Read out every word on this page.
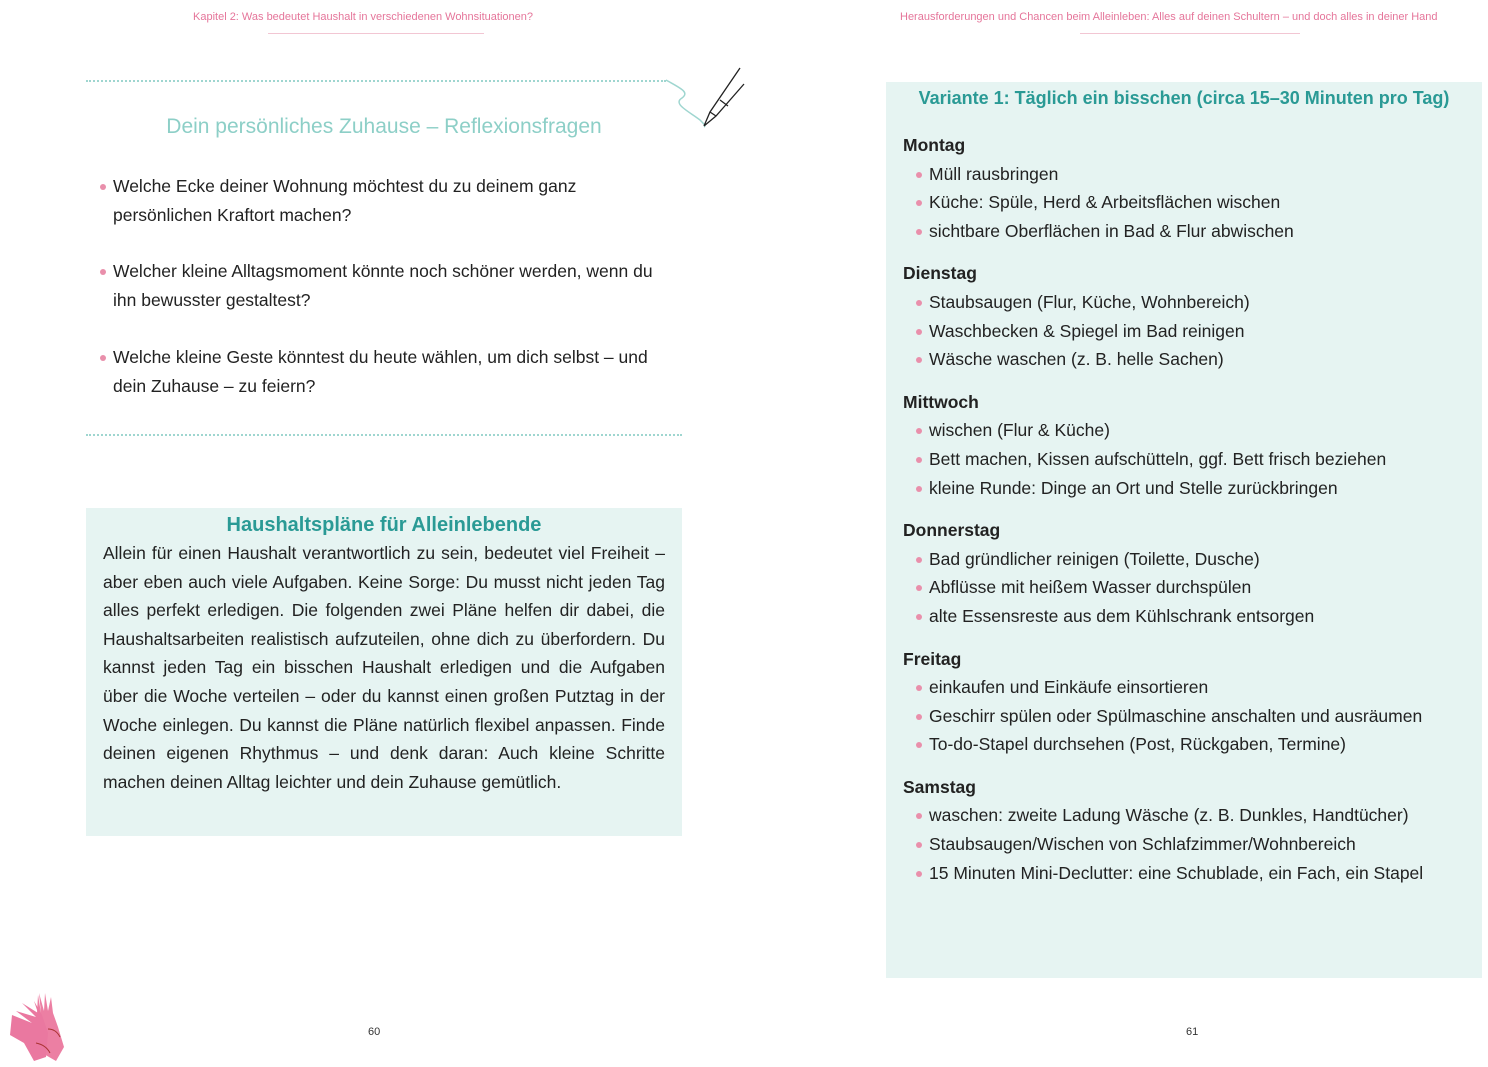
Kapitel 2: Was bedeutet Haushalt in verschiedenen Wohnsituationen?	Herausforderungen und Chancen beim Alleinleben: Alles auf deinen Schultern – und doch alles in deiner Hand
Dein persönliches Zuhause – Reflexionsfragen
Welche Ecke deiner Wohnung möchtest du zu deinem ganz persönlichen Kraftort machen?
Welcher kleine Alltagsmoment könnte noch schöner werden, wenn du ihn bewusster gestaltest?
Welche kleine Geste könntest du heute wählen, um dich selbst – und dein Zuhause – zu feiern?
Haushaltspläne für Alleinlebende

Allein für einen Haushalt verantwortlich zu sein, bedeutet viel Freiheit – aber eben auch viele Aufgaben. Keine Sorge: Du musst nicht jeden Tag alles perfekt erledigen. Die folgenden zwei Pläne helfen dir dabei, die Haushaltsarbeiten realistisch aufzuteilen, ohne dich zu überfordern. Du kannst jeden Tag ein bisschen Haushalt erledigen und die Aufgaben über die Woche verteilen – oder du kannst einen großen Putztag in der Woche einlegen. Du kannst die Pläne natürlich flexibel anpassen. Finde deinen eigenen Rhythmus – und denk daran: Auch kleine Schritte machen deinen Alltag leichter und dein Zuhause gemütlich.

60
Variante 1: Täglich ein bisschen (circa 15–30 Minuten pro Tag)
Montag
Müll rausbringen
Küche: Spüle, Herd & Arbeitsflächen wischen
sichtbare Oberflächen in Bad & Flur abwischen
Dienstag
Staubsaugen (Flur, Küche, Wohnbereich)
Waschbecken & Spiegel im Bad reinigen
Wäsche waschen (z. B. helle Sachen)
Mittwoch
wischen (Flur & Küche)
Bett machen, Kissen aufschütteln, ggf. Bett frisch beziehen
kleine Runde: Dinge an Ort und Stelle zurückbringen
Donnerstag
Bad gründlicher reinigen (Toilette, Dusche)
Abflüsse mit heißem Wasser durchspülen
alte Essensreste aus dem Kühlschrank entsorgen
Freitag
einkaufen und Einkäufe einsortieren
Geschirr spülen oder Spülmaschine anschalten und ausräumen
To-do-Stapel durchsehen (Post, Rückgaben, Termine)
Samstag
waschen: zweite Ladung Wäsche (z. B. Dunkles, Handtücher)
Staubsaugen/Wischen von Schlafzimmer/Wohnbereich
15 Minuten Mini-Declutter: eine Schublade, ein Fach, ein Stapel
61
